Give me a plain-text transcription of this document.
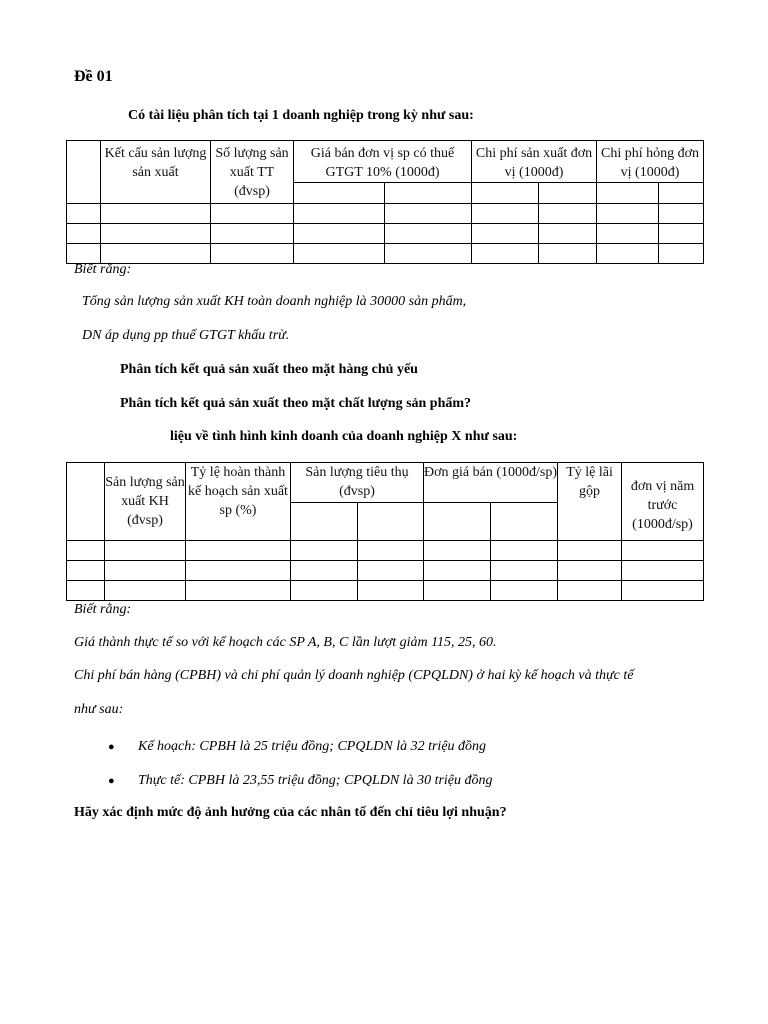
Đề 01
Có tài liệu phân tích tại 1 doanh nghiệp trong kỳ như sau:
	Kết cấu sản lượng sản xuất	Số lượng sản xuất TT (đvsp)	Giá bán đơn vị sp có thuế GTGT 10% (1000đ)		Chi phí sản xuất đơn vị (1000đ)		Chi phí hỏng đơn vị (1000đ)	

Biết rằng:
Tổng sản lượng sản xuất KH toàn doanh nghiệp là 30000 sản phẩm,
DN áp dụng pp thuế GTGT khấu trừ.
Phân tích kết quả sản xuất theo mặt hàng chủ yếu
Phân tích kết quả sản xuất theo mặt chất lượng sản phẩm?
liệu về tình hình kinh doanh của doanh nghiệp X như sau:
	Sản lượng sản xuất KH (đvsp)	Tỷ lệ hoàn thành kế hoạch sản xuất sp (%)	Sản lượng tiêu thụ (đvsp)		Đơn giá bán (1000đ/sp)		Tỷ lệ lãi gộp	đơn vị năm trước (1000đ/sp)

Biết rằng:
Giá thành thực tế so với kế hoạch các SP A, B, C lần lượt giảm 115, 25, 60.
Chi phí bán hàng (CPBH) và chi phí quản lý doanh nghiệp (CPQLDN) ở hai kỳ kế hoạch và thực tế
như sau:
● Kế hoạch: CPBH là 25 triệu đồng; CPQLDN là 32 triệu đồng
● Thực tế: CPBH là 23,55 triệu đồng; CPQLDN là 30 triệu đồng
Hãy xác định mức độ ảnh hưởng của các nhân tố đến chỉ tiêu lợi nhuận?
